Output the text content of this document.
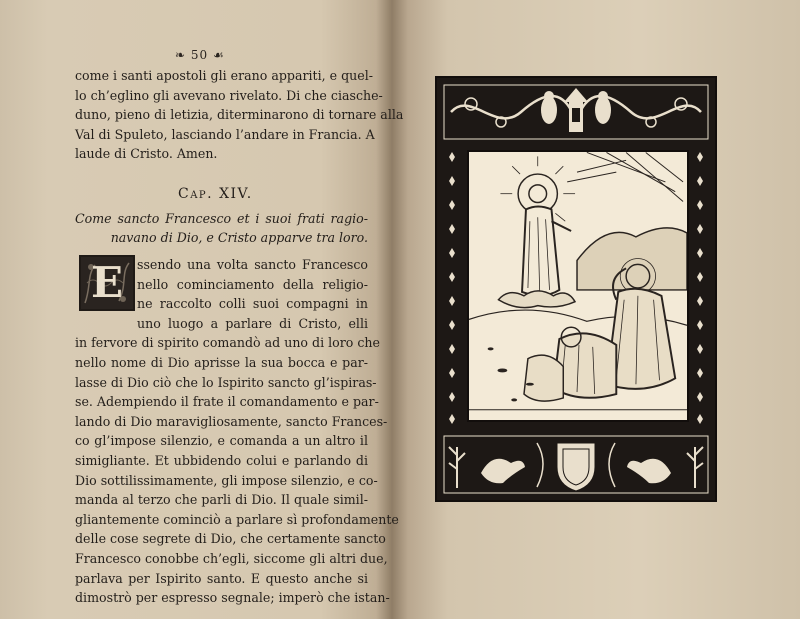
❧ 50 ☙
come i santi apostoli gli erano appariti, e quel-
lo ch’eglino gli avevano rivelato. Di che ciasche-
duno, pieno di letizia, diterminarono di tornare alla
Val di Spuleto, lasciando l’andare in Francia. A
laude di Cristo. Amen.
Cap. XIV.
Come sancto Francesco et i suoi frati ragio-
navano di Dio, e Cristo apparve tra loro.
E	ssendo una volta sancto Francesco
nello cominciamento della religio-
ne raccolto colli suoi compagni in
uno luogo a parlare di Cristo, elli
in fervore di spirito comandò ad uno di loro che
nello nome di Dio aprisse la sua bocca e par-
lasse di Dio ciò che lo Ispirito sancto gl’ispiras-
se. Adempiendo il frate il comandamento e par-
lando di Dio maravigliosamente, sancto Frances-
co gl’impose silenzio, e comanda a un altro il
simigliante. Et ubbidendo colui e parlando di
Dio sottilissimamente, gli impose silenzio, e co-
manda al terzo che parli di Dio. Il quale simil-
gliantemente cominciò a parlare sì profondamente
delle cose segrete di Dio, che certamente sancto
Francesco conobbe ch’egli, siccome gli altri due,
parlava per Ispirito santo. E questo anche si
dimostrò per espresso segnale; imperò che istan-
